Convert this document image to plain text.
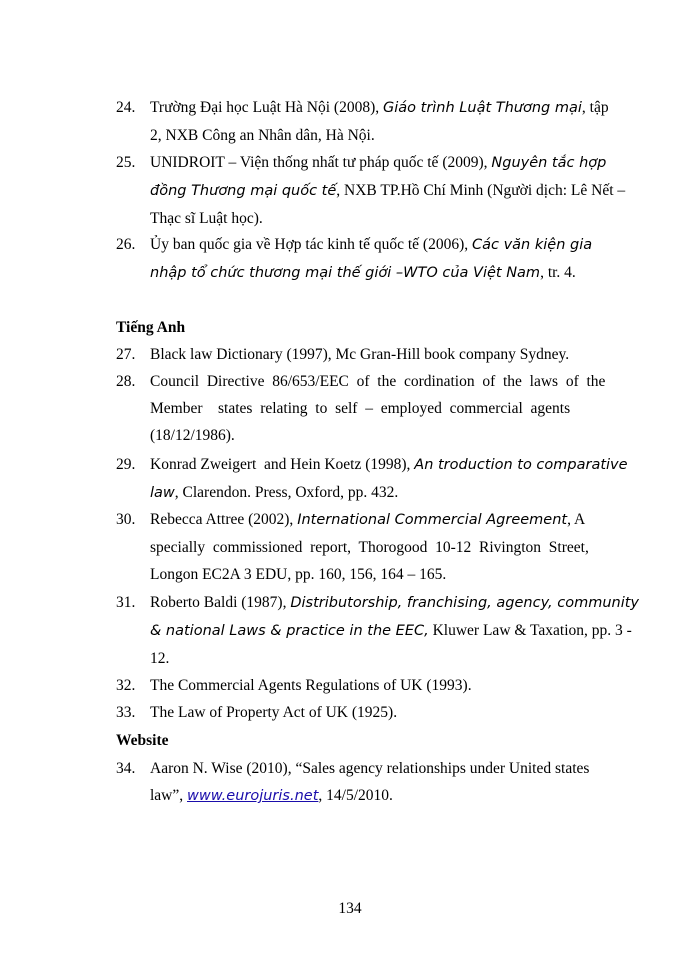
24. Trường Đại học Luật Hà Nội (2008), Giáo trình Luật Thương mại, tập
2, NXB Công an Nhân dân, Hà Nội.
25. UNIDROIT – Viện thống nhất tư pháp quốc tế (2009), Nguyên tắc hợp
đồng Thương mại quốc tế, NXB TP.Hồ Chí Minh (Người dịch: Lê Nết –
Thạc sĩ Luật học).
26. Ủy ban quốc gia về Hợp tác kinh tế quốc tế (2006), Các văn kiện gia
nhập tổ chức thương mại thế giới –WTO của Việt Nam, tr. 4.
Tiếng Anh
27. Black law Dictionary (1997), Mc Gran-Hill book company Sydney.
28. Council  Directive  86/653/EEC  of  the  cordination  of  the  laws  of  the
Member    states  relating  to  self  –  employed  commercial  agents
(18/12/1986).
29. Konrad Zweigert  and Hein Koetz (1998), An troduction to comparative
law, Clarendon. Press, Oxford, pp. 432.
30. Rebecca Attree (2002), International Commercial Agreement, A
specially  commissioned  report,  Thorogood  10-12  Rivington  Street,
Longon EC2A 3 EDU, pp. 160, 156, 164 – 165.
31. Roberto Baldi (1987), Distributorship, franchising, agency, community
& national Laws & practice in the EEC, Kluwer Law & Taxation, pp. 3 -
12.
32. The Commercial Agents Regulations of UK (1993).
33. The Law of Property Act of UK (1925).
Website
34. Aaron N. Wise (2010), “Sales agency relationships under United states
law”, www.eurojuris.net, 14/5/2010.
134
